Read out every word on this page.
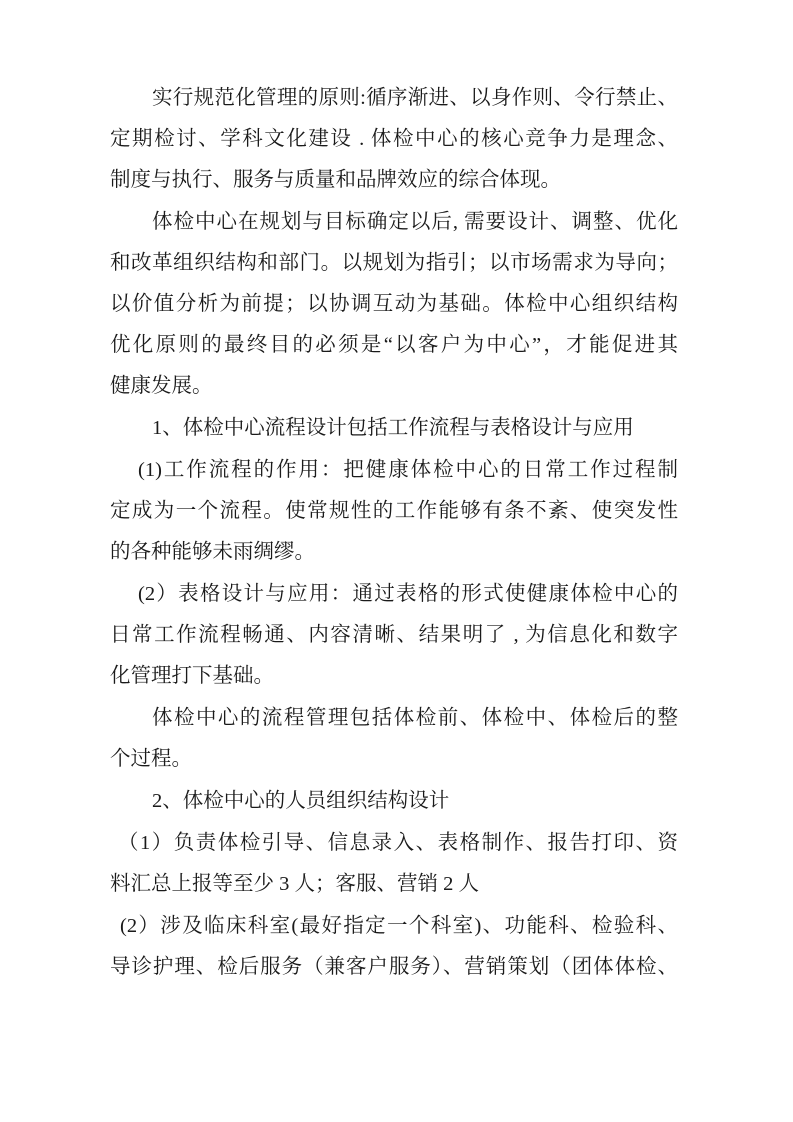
实行规范化管理的原则:循序渐进、以身作则、令行禁止、
定期检讨、学科文化建设 . 体检中心的核心竞争力是理念、
制度与执行、服务与质量和品牌效应的综合体现。
体检中心在规划与目标确定以后, 需要设计、调整、优化
和改革组织结构和部门。以规划为指引；以市场需求为导向；
以价值分析为前提；以协调互动为基础。体检中心组织结构
优化原则的最终目的必须是“以客户为中心”，才能促进其
健康发展。
1、体检中心流程设计包括工作流程与表格设计与应用
(1)工作流程的作用：把健康体检中心的日常工作过程制
定成为一个流程。使常规性的工作能够有条不紊、使突发性
的各种能够未雨绸缪。
(2）表格设计与应用：通过表格的形式使健康体检中心的
日常工作流程畅通、内容清晰、结果明了 , 为信息化和数字
化管理打下基础。
体检中心的流程管理包括体检前、体检中、体检后的整
个过程。
2、体检中心的人员组织结构设计
（1）负责体检引导、信息录入、表格制作、报告打印、资
料汇总上报等至少 3 人；客服、营销 2 人
(2）涉及临床科室(最好指定一个科室)、功能科、检验科、
导诊护理、检后服务（兼客户服务）、营销策划（团体体检、
